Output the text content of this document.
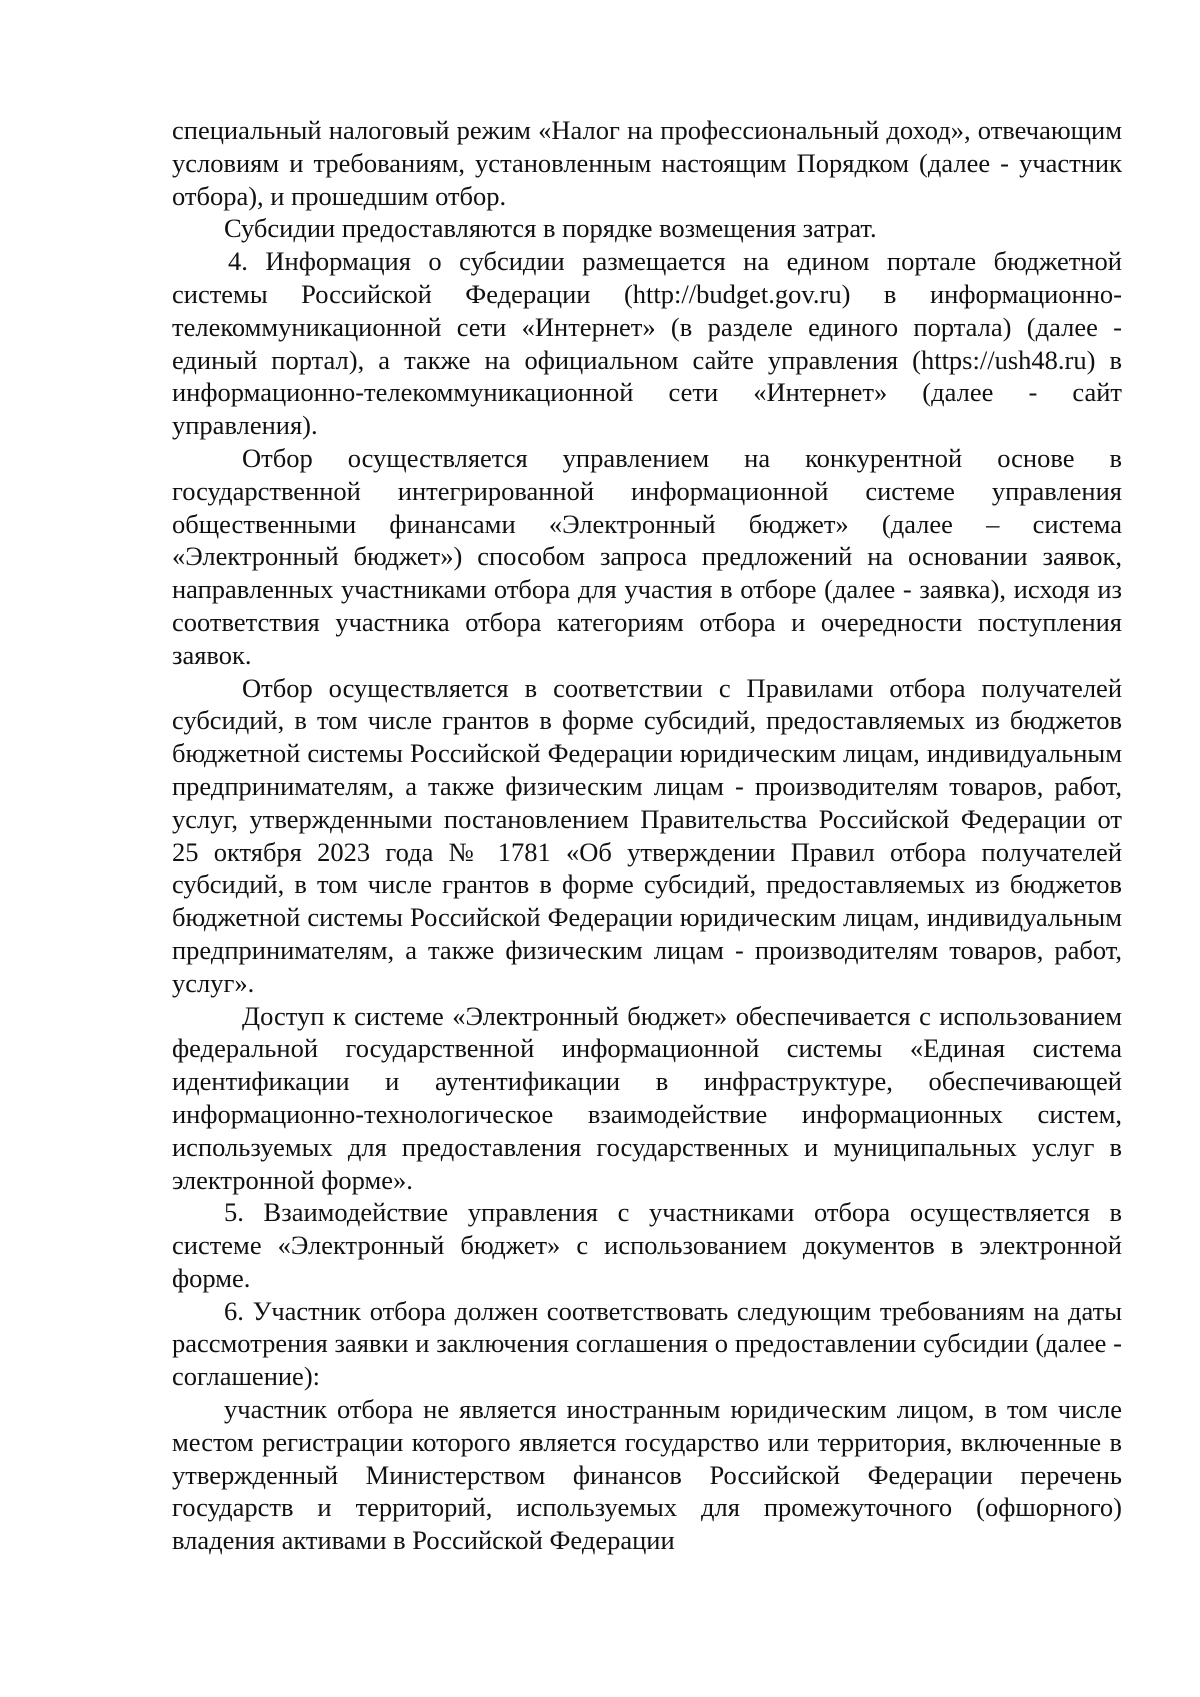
специальный налоговый режим «Налог на профессиональный доход», отвечающим условиям и требованиям, установленным настоящим Порядком (далее - участник отбора), и прошедшим отбор.

Субсидии предоставляются в порядке возмещения затрат.

4. Информация о субсидии размещается на едином портале бюджетной системы Российской Федерации (http://budget.gov.ru) в информационно-телекоммуникационной сети «Интернет» (в разделе единого портала) (далее - единый портал), а также на официальном сайте управления (https://ush48.ru) в информационно-телекоммуникационной сети «Интернет» (далее - сайт управления).

Отбор осуществляется управлением на конкурентной основе в государственной интегрированной информационной системе управления общественными финансами «Электронный бюджет» (далее – система «Электронный бюджет») способом запроса предложений на основании заявок, направленных участниками отбора для участия в отборе (далее - заявка), исходя из соответствия участника отбора категориям отбора и очередности поступления заявок.

Отбор осуществляется в соответствии с Правилами отбора получателей субсидий, в том числе грантов в форме субсидий, предоставляемых из бюджетов бюджетной системы Российской Федерации юридическим лицам, индивидуальным предпринимателям, а также физическим лицам - производителям товаров, работ, услуг, утвержденными постановлением Правительства Российской Федерации от 25 октября 2023 года № 1781 «Об утверждении Правил отбора получателей субсидий, в том числе грантов в форме субсидий, предоставляемых из бюджетов бюджетной системы Российской Федерации юридическим лицам, индивидуальным предпринимателям, а также физическим лицам - производителям товаров, работ, услуг».

Доступ к системе «Электронный бюджет» обеспечивается с использованием федеральной государственной информационной системы «Единая система идентификации и аутентификации в инфраструктуре, обеспечивающей информационно-технологическое взаимодействие информационных систем, используемых для предоставления государственных и муниципальных услуг в электронной форме».

5. Взаимодействие управления с участниками отбора осуществляется в системе «Электронный бюджет» с использованием документов в электронной форме.

6. Участник отбора должен соответствовать следующим требованиям на даты рассмотрения заявки и заключения соглашения о предоставлении субсидии (далее - соглашение):

участник отбора не является иностранным юридическим лицом, в том числе местом регистрации которого является государство или территория, включенные в утвержденный Министерством финансов Российской Федерации перечень государств и территорий, используемых для промежуточного (офшорного) владения активами в Российской Федерации
